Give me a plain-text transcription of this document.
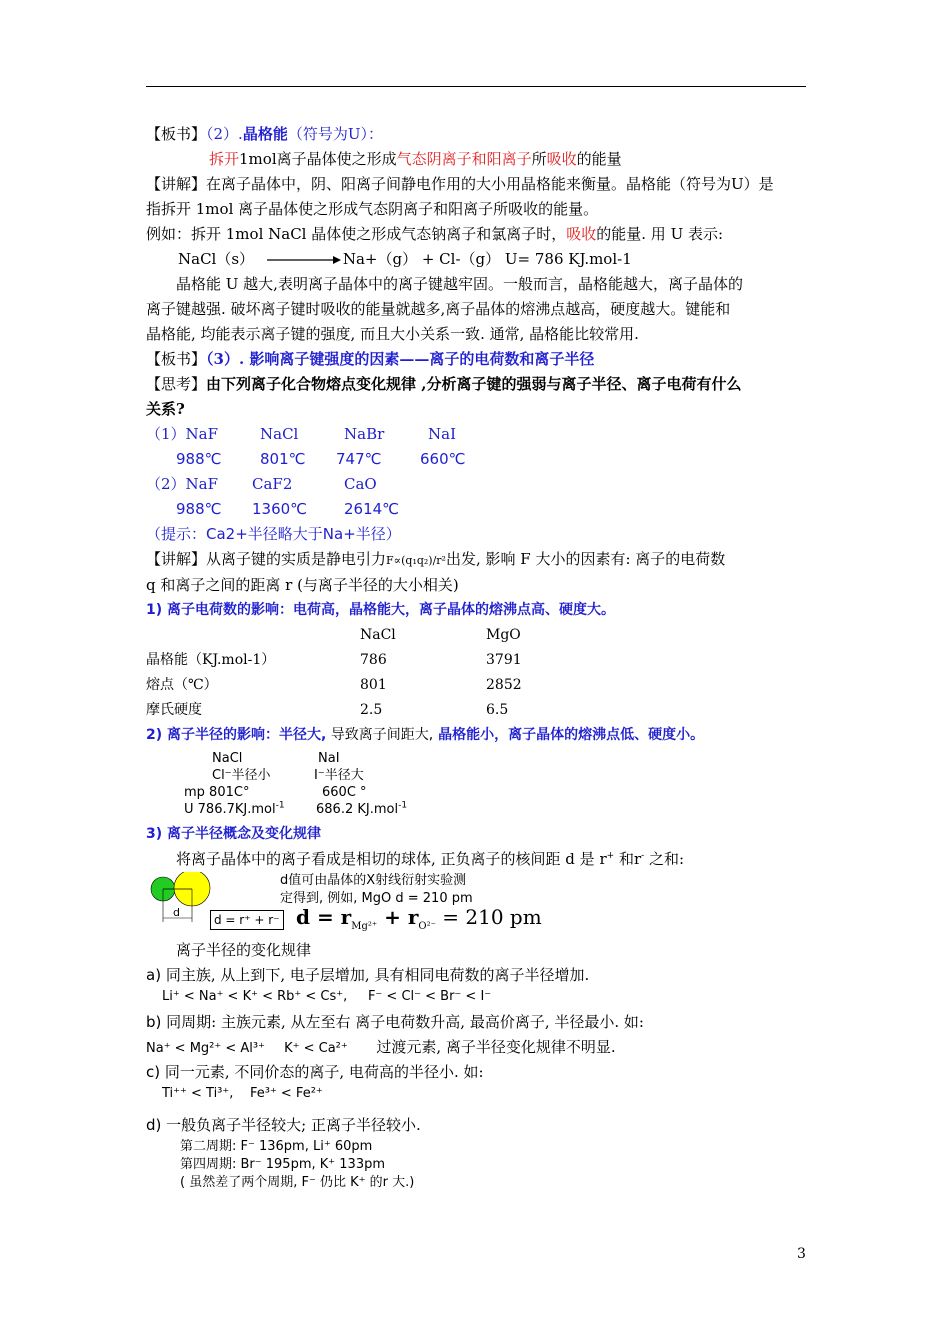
【板书】（2）.晶格能（符号为U）：
拆开1mol离子晶体使之形成气态阴离子和阳离子所吸收的能量
【讲解】在离子晶体中，阴、阳离子间静电作用的大小用晶格能来衡量。晶格能（符号为U）是
指拆开 1mol 离子晶体使之形成气态阴离子和阳离子所吸收的能量。
例如：拆开 1mol NaCl 晶体使之形成气态钠离子和氯离子时，吸收的能量. 用 U 表示:
NaCl（s）	Na+（g） + Cl-（g） U= 786 KJ.mol-1
晶格能 U 越大,表明离子晶体中的离子键越牢固。一般而言，晶格能越大，离子晶体的
离子键越强. 破坏离子键时吸收的能量就越多,离子晶体的熔沸点越高，硬度越大。键能和
晶格能, 均能表示离子键的强度, 而且大小关系一致. 通常, 晶格能比较常用.
【板书】（3）. 影响离子键强度的因素——离子的电荷数和离子半径
【思考】由下列离子化合物熔点变化规律 ,分析离子键的强弱与离子半径、离子电荷有什么
关系?
（1）NaF	NaCl	NaBr	NaI
988℃	801℃ 747℃	660℃
（2）NaF CaF2	CaO
988℃ 1360℃ 2614℃
（提示：Ca2+半径略大于Na+半径）
【讲解】从离子键的实质是静电引力F∝(q₁q₂)/r²出发, 影响 F 大小的因素有: 离子的电荷数
q 和离子之间的距离 r (与离子半径的大小相关)
1) 离子电荷数的影响：电荷高，晶格能大，离子晶体的熔沸点高、硬度大。
	NaCl	MgO
晶格能（KJ.mol-1）	786	3791
熔点（℃）	801	2852
摩氏硬度	2.5	6.5
2) 离子半径的影响：半径大, 导致离子间距大, 晶格能小，离子晶体的熔沸点低、硬度小。
NaCl	NaI
Cl⁻半径小	I⁻半径大
mp 801C°	660C °
U 786.7KJ.mol$^{-1}$ 686.2 KJ.mol$^{-1}$
3) 离子半径概念及变化规律
将离子晶体中的离子看成是相切的球体, 正负离子的核间距 d 是 r+ 和r- 之和:
d
d值可由晶体的X射线衍射实验测
定得到, 例如, MgO d = 210 pm
d = r⁺ + r⁻ $d = r_{Mg^{2+}} + r_{O^{2-}} = 210$ pm
离子半径的变化规律
a) 同主族, 从上到下, 电子层增加, 具有相同电荷数的离子半径增加.
Li⁺ < Na⁺ < K⁺ < Rb⁺ < Cs⁺, F⁻ < Cl⁻ < Br⁻ < I⁻
b) 同周期: 主族元素, 从左至右 离子电荷数升高, 最高价离子, 半径最小. 如:
Na⁺ < Mg²⁺ < Al³⁺ K⁺ < Ca²⁺ 过渡元素, 离子半径变化规律不明显.
c) 同一元素, 不同价态的离子, 电荷高的半径小. 如:
Ti⁺⁺ < Ti³⁺, Fe³⁺ < Fe²⁺
d) 一般负离子半径较大; 正离子半径较小.
第二周期: F⁻ 136pm, Li⁺ 60pm
第四周期: Br⁻ 195pm, K⁺ 133pm
( 虽然差了两个周期, F⁻ 仍比 K⁺ 的r 大.)
3
